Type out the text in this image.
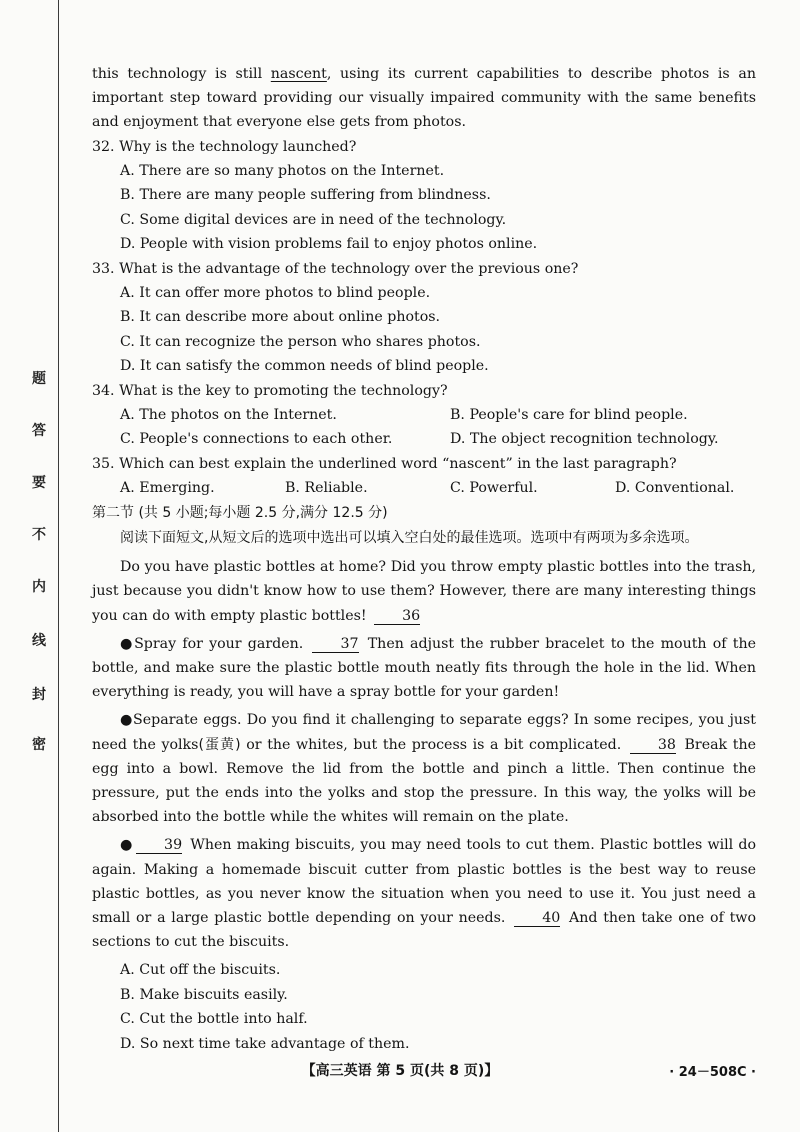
题
答
要
不
内
线
封
密

this technology is still nascent, using its current capabilities to describe photos is an important step toward providing our visually impaired community with the same benefits and enjoyment that everyone else gets from photos.

32. Why is the technology launched?

A. There are so many photos on the Internet.

B. There are many people suffering from blindness.

C. Some digital devices are in need of the technology.

D. People with vision problems fail to enjoy photos online.

33. What is the advantage of the technology over the previous one?

A. It can offer more photos to blind people.

B. It can describe more about online photos.

C. It can recognize the person who shares photos.

D. It can satisfy the common needs of blind people.

34. What is the key to promoting the technology?

A. The photos on the Internet.	B. People's care for blind people.
C. People's connections to each other.	D. The object recognition technology.

35. Which can best explain the underlined word “nascent” in the last paragraph?

A. Emerging.	B. Reliable.	C. Powerful.	D. Conventional.

第二节 (共 5 小题;每小题 2.5 分,满分 12.5 分)

阅读下面短文,从短文后的选项中选出可以填入空白处的最佳选项。选项中有两项为多余选项。

Do you have plastic bottles at home? Did you throw empty plastic bottles into the trash, just because you didn't know how to use them? However, there are many interesting things you can do with empty plastic bottles!	36

●Spray for your garden.	37 Then adjust the rubber bracelet to the mouth of the bottle, and make sure the plastic bottle mouth neatly fits through the hole in the lid. When everything is ready, you will have a spray bottle for your garden!

●Separate eggs. Do you find it challenging to separate eggs? In some recipes, you just need the yolks(蛋黄) or the whites, but the process is a bit complicated.	38 Break the egg into a bowl. Remove the lid from the bottle and pinch a little. Then continue the pressure, put the ends into the yolks and stop the pressure. In this way, the yolks will be absorbed into the bottle while the whites will remain on the plate.

● 39 When making biscuits, you may need tools to cut them. Plastic bottles will do again. Making a homemade biscuit cutter from plastic bottles is the best way to reuse plastic bottles, as you never know the situation when you need to use it. You just need a small or a large plastic bottle depending on your needs.	40 And then take one of two sections to cut the biscuits.

A. Cut off the biscuits.

B. Make biscuits easily.

C. Cut the bottle into half.

D. So next time take advantage of them.

【高三英语 第 5 页(共 8 页)】	· 24－508C ·
